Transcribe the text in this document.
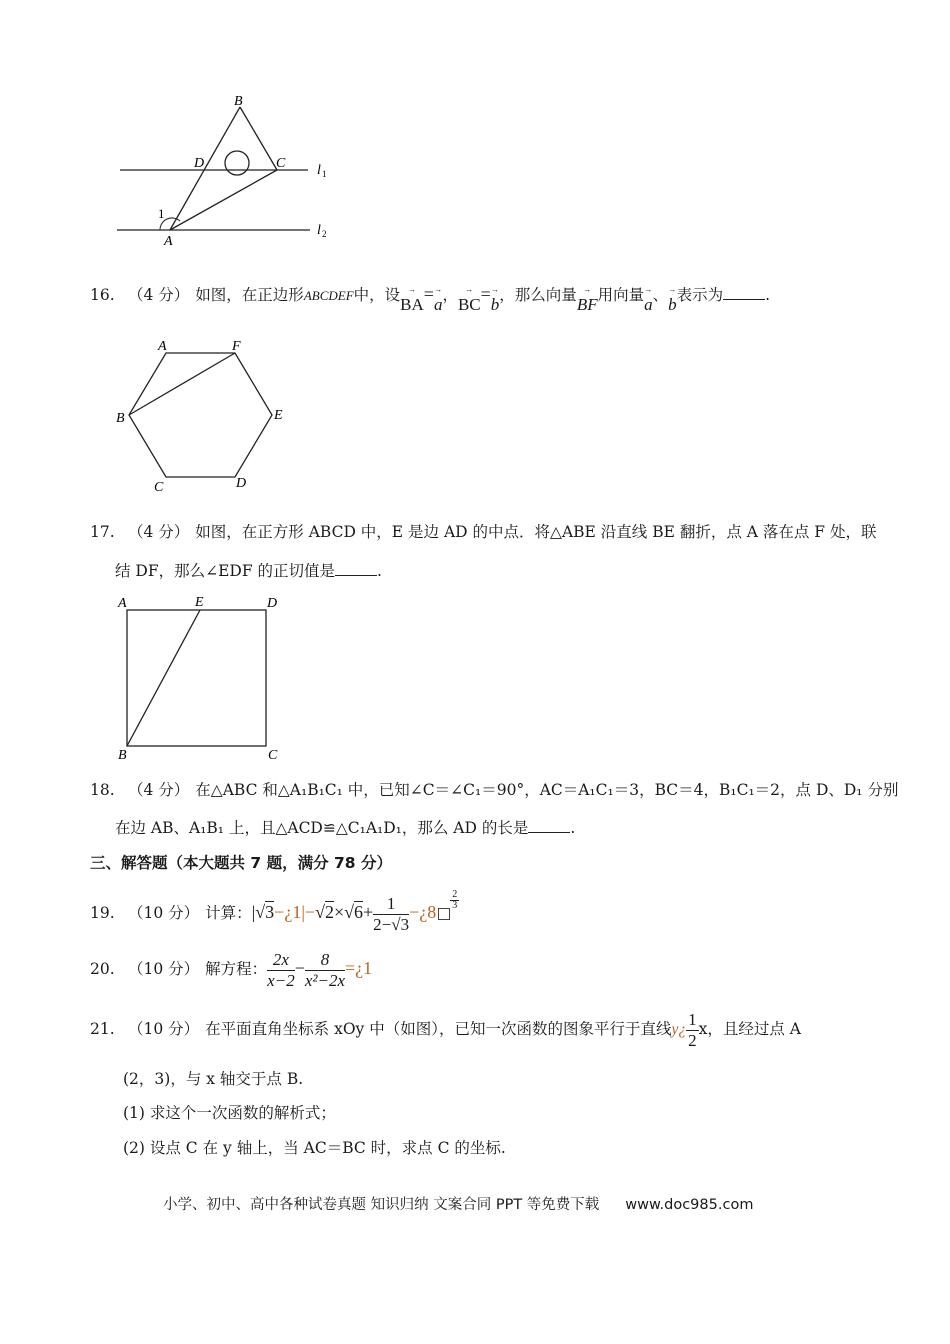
B
D	C
A
1
l 1
l 2
16. （4 分） 如图，在正边形ABCDEF中，设 →
BA= →
a， →
BC= →
b，那么向量 →
BF用向量 →
a、 →
b表示为	.
A	F
B	E
C	D
17. （4 分） 如图，在正方形 ABCD 中，E 是边 AD 的中点．将△ABE 沿直线 BE 翻折，点 A 落在点 F 处，联
结 DF，那么∠EDF 的正切值是	.
A	E	D
B	C
18. （4 分） 在△ABC 和△A₁B₁C₁ 中，已知∠C＝∠C₁＝90°，AC＝A₁C₁＝3，BC＝4，B₁C₁＝2，点 D、D₁ 分别
在边 AB、A₁B₁ 上，且△ACD≌△C₁A₁D₁，那么 AD 的长是	.
三、解答题（本大题共 7 题，满分 78 分）
19. （10 分） 计算：|√3−¿1|−√2×√6+ $\frac{1}{2-√3}$ −¿8
$\frac{2}{3}$
20. （10 分） 解方程： $\frac{2x}{x-2} - \frac{8}{\text{x²−2x}}$ =¿1
21. （10 分） 在平面直角坐标系 xOy 中（如图），已知一次函数的图象平行于直线y¿ $\frac{1}{2}$ x，且经过点 A
(2，3)，与 x 轴交于点 B.
(1) 求这个一次函数的解析式；
(2) 设点 C 在 y 轴上，当 AC＝BC 时，求点 C 的坐标.
小学、初中、高中各种试卷真题 知识归纳 文案合同 PPT 等免费下载 www.doc985.com
